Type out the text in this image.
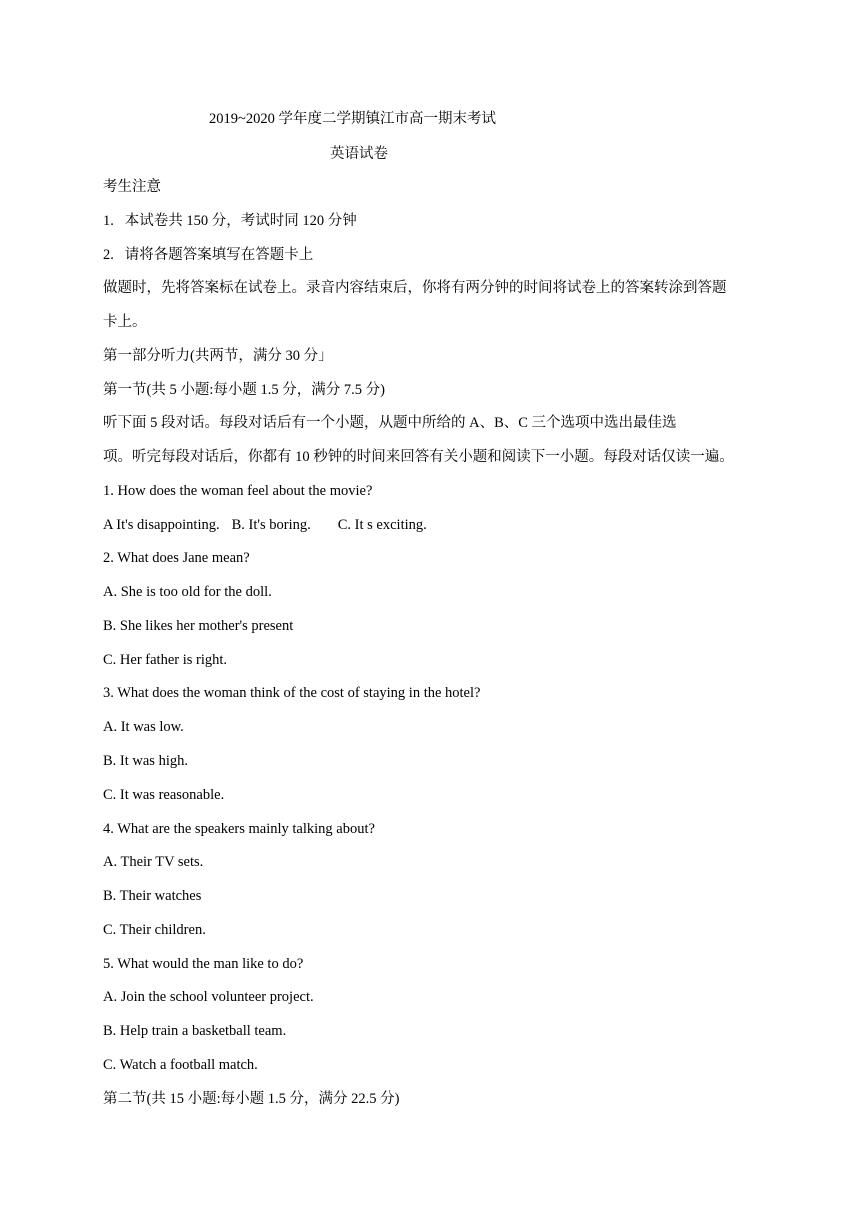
2019~2020 学年度二学期镇江市高一期末考试
英语试卷
考生注意
1.   本试卷共 150 分，考试时同 120 分钟
2.   请将各题答案填写在答题卡上
做题时，先将答案标在试卷上。录音内容结束后，你将有两分钟的时间将试卷上的答案转涂到答题
卡上。
第一部分听力(共两节，满分 30 分」
第一节(共 5 小题:每小题 1.5 分，满分 7.5 分)
听下面 5 段对话。每段对话后有一个小题，从题中所给的 A、B、C 三个选项中选出最佳选
项。听完每段对话后，你都有 10 秒钟的时间来回答有关小题和阅读下一小题。每段对话仅读一遍。
1. How does the woman feel about the movie?
A It's disappointing. B. It's boring. C. It s exciting.
2. What does Jane mean?
A. She is too old for the doll.
B. She likes her mother's present
C. Her father is right.
3. What does the woman think of the cost of staying in the hotel?
A. It was low.
B. It was high.
C. It was reasonable.
4. What are the speakers mainly talking about?
A. Their TV sets.
B. Their watches
C. Their children.
5. What would the man like to do?
A. Join the school volunteer project.
B. Help train a basketball team.
C. Watch a football match.
第二节(共 15 小题:每小题 1.5 分，满分 22.5 分)
